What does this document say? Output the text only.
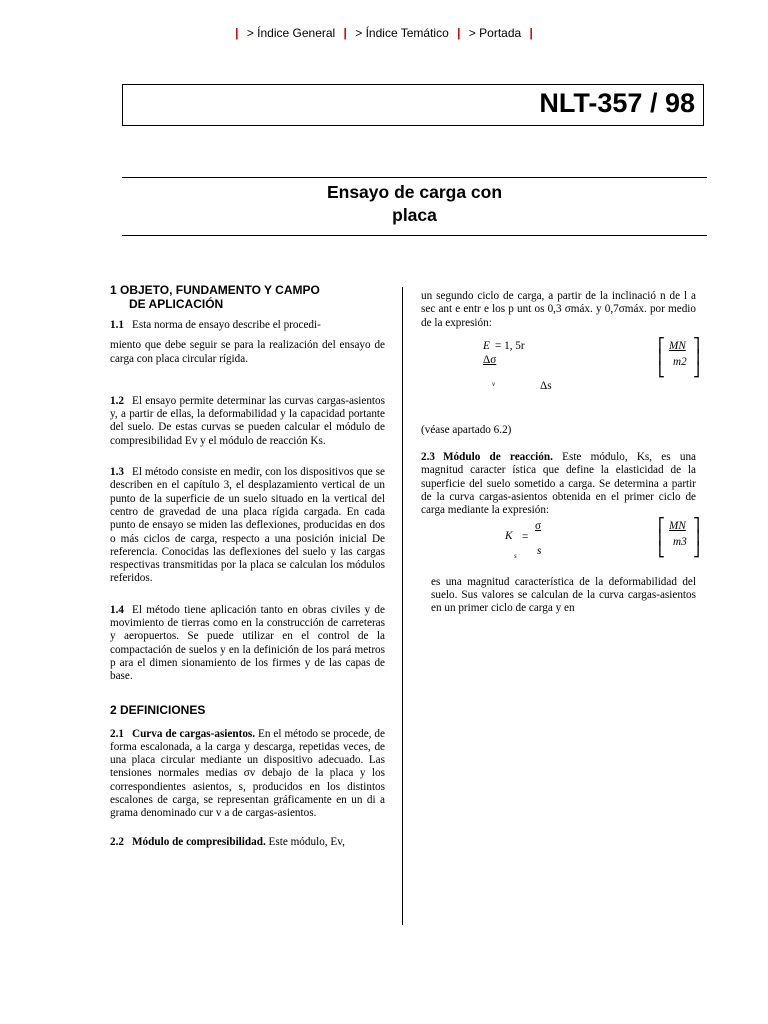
| > Índice General | > Índice Temático | > Portada |
NLT-357 / 98
Ensayo de carga con
placa
1 OBJETO, FUNDAMENTO Y CAMPO
DE APLICACIÓN

1.1 Esta norma de ensayo describe el procedi-

miento que debe seguir se para la realización del ensayo de carga con placa circular rígida.

1.2 El ensayo permite determinar las curvas cargas-asientos y, a partir de ellas, la deformabilidad y la capacidad portante del suelo. De estas curvas se pueden calcular el módulo de compresibilidad Ev y el módulo de reacción Ks.

1.3 El método consiste en medir, con los dispositivos que se describen en el capítulo 3, el desplazamiento vertical de un punto de la superficie de un suelo situado en la vertical del centro de gravedad de una placa rígida cargada. En cada punto de ensayo se miden las deflexiones, producidas en dos o más ciclos de carga, respecto a una posición inicial De referencia. Conocidas las deflexiones del suelo y las cargas respectivas transmitidas por la placa se calculan los módulos referidos.

1.4 El método tiene aplicación tanto en obras civiles y de movimiento de tierras como en la construcción de carreteras y aeropuertos. Se puede utilizar en el control de la compactación de suelos y en la definición de los pará metros p ara el dimen sionamiento de los firmes y de las capas de base.

2 DEFINICIONES

2.1 Curva de cargas-asientos. En el método se procede, de forma escalonada, a la carga y descarga, repetidas veces, de una placa circular mediante un dispositivo adecuado. Las tensiones normales medias σv debajo de la placa y los correspondientes asientos, s, producidos en los distintos escalones de carga, se representan gráficamente en un di a grama denominado cur v a de cargas-asientos.

2.2 Módulo de compresibilidad. Este módulo, Ev,

un segundo ciclo de carga, a partir de la inclinació n de l a sec ant e entr e los p unt os 0,3 σmáx. y 0,7σmáx. por medio de la expresión:

E = 1, 5r
Δσ
v	Δs
⎡
⎢
⎣
MN
m2
⎤
⎥
⎦

(véase apartado 6.2)

2.3 Módulo de reacción. Este módulo, Ks, es una magnitud caracter ística que define la elasticidad de la superficie del suelo sometido a carga. Se determina a partir de la curva cargas-asientos obtenida en el primer ciclo de carga mediante la expresión:

K =
σ
s s
⎡
⎢
⎣
MN
m3
⎤
⎥
⎦

es una magnitud característica de la deformabilidad del suelo. Sus valores se calculan de la curva cargas-asientos en un primer ciclo de carga y en
